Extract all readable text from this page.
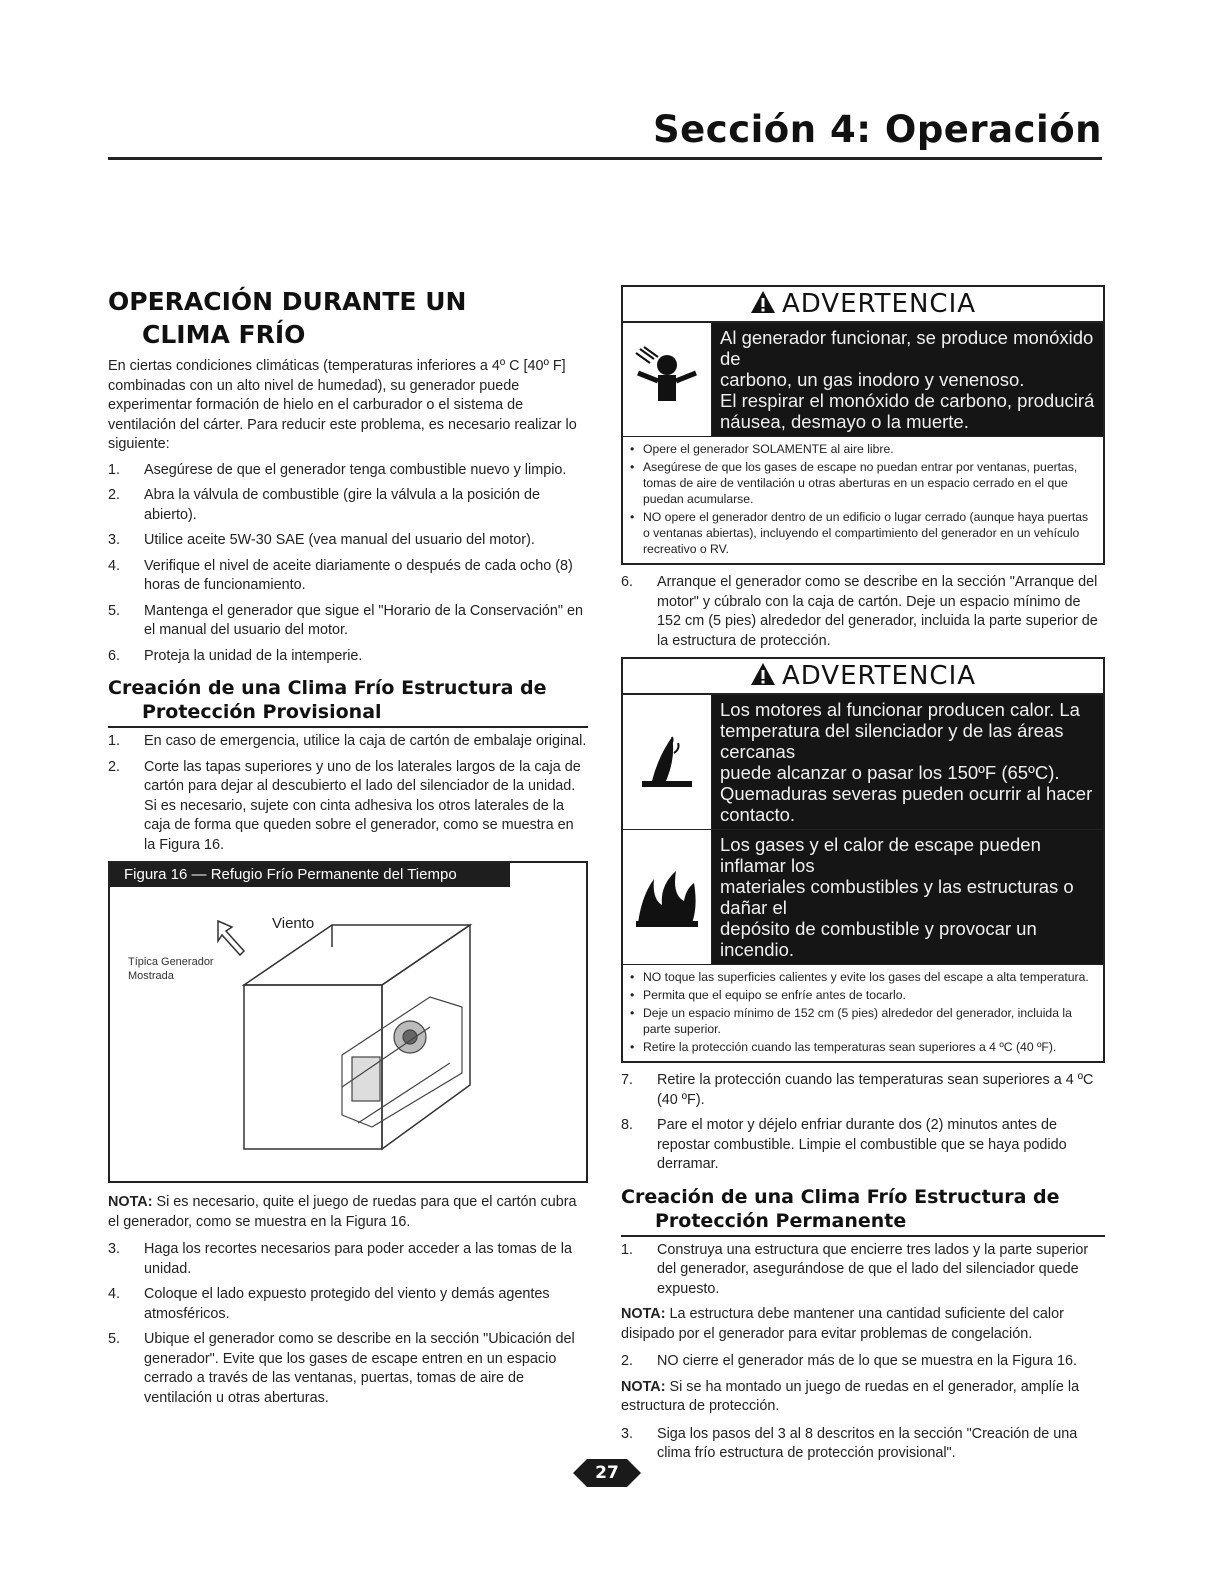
Sección 4: Operación
OPERACIÓN DURANTE UN
CLIMA FRÍO

En ciertas condiciones climáticas (temperaturas inferiores a 4º C [40º F] combinadas con un alto nivel de humedad), su generador puede experimentar formación de hielo en el carburador o el sistema de ventilación del cárter. Para reducir este problema, es necesario realizar lo siguiente:

1. Asegúrese de que el generador tenga combustible nuevo y limpio.
2. Abra la válvula de combustible (gire la válvula a la posición de abierto).
3. Utilice aceite 5W-30 SAE (vea manual del usuario del motor).
4. Verifique el nivel de aceite diariamente o después de cada ocho (8) horas de funcionamiento.
5. Mantenga el generador que sigue el "Horario de la Conservación" en el manual del usuario del motor.
6. Proteja la unidad de la intemperie.
Creación de una Clima Frío Estructura de
Protección Provisional
1. En caso de emergencia, utilice la caja de cartón de embalaje original.
2. Corte las tapas superiores y uno de los laterales largos de la caja de cartón para dejar al descubierto el lado del silenciador de la unidad. Si es necesario, sujete con cinta adhesiva los otros laterales de la caja de forma que queden sobre el generador, como se muestra en la Figura 16.
Figura 16 — Refugio Frío Permanente del Tiempo
Viento
Típica Generador Mostrada

NOTA: Si es necesario, quite el juego de ruedas para que el cartón cubra el generador, como se muestra en la Figura 16.

3. Haga los recortes necesarios para poder acceder a las tomas de la unidad.
4. Coloque el lado expuesto protegido del viento y demás agentes atmosféricos.
5. Ubique el generador como se describe en la sección "Ubicación del generador". Evite que los gases de escape entren en un espacio cerrado a través de las ventanas, puertas, tomas de aire de ventilación u otras aberturas.
ADVERTENCIA
Al generador funcionar, se produce monóxido de
carbono, un gas inodoro y venenoso.
El respirar el monóxido de carbono, producirá
náusea, desmayo o la muerte.
• Opere el generador SOLAMENTE al aire libre.
• Asegúrese de que los gases de escape no puedan entrar por ventanas, puertas, tomas de aire de ventilación u otras aberturas en un espacio cerrado en el que puedan acumularse.
• NO opere el generador dentro de un edificio o lugar cerrado (aunque haya puertas o ventanas abiertas), incluyendo el compartimiento del generador en un vehículo recreativo o RV.
6. Arranque el generador como se describe en la sección "Arranque del motor" y cúbralo con la caja de cartón. Deje un espacio mínimo de 152 cm (5 pies) alrededor del generador, incluida la parte superior de la estructura de protección.
ADVERTENCIA
Los motores al funcionar producen calor. La
temperatura del silenciador y de las áreas cercanas
puede alcanzar o pasar los 150ºF (65ºC).
Quemaduras severas pueden ocurrir al hacer contacto.
Los gases y el calor de escape pueden inflamar los
materiales combustibles y las estructuras o dañar el
depósito de combustible y provocar un incendio.
• NO toque las superficies calientes y evite los gases del escape a alta temperatura.
• Permita que el equipo se enfríe antes de tocarlo.
• Deje un espacio mínimo de 152 cm (5 pies) alrededor del generador, incluida la parte superior.
• Retire la protección cuando las temperaturas sean superiores a 4 ºC (40 ºF).
7. Retire la protección cuando las temperaturas sean superiores a 4 ºC (40 ºF).
8. Pare el motor y déjelo enfriar durante dos (2) minutos antes de repostar combustible. Limpie el combustible que se haya podido derramar.
Creación de una Clima Frío Estructura de
Protección Permanente
1. Construya una estructura que encierre tres lados y la parte superior del generador, asegurándose de que el lado del silenciador quede expuesto.

NOTA: La estructura debe mantener una cantidad suficiente del calor disipado por el generador para evitar problemas de congelación.

2. NO cierre el generador más de lo que se muestra en la Figura 16.

NOTA: Si se ha montado un juego de ruedas en el generador, amplíe la estructura de protección.

3. Siga los pasos del 3 al 8 descritos en la sección "Creación de una clima frío estructura de protección provisional".
27
